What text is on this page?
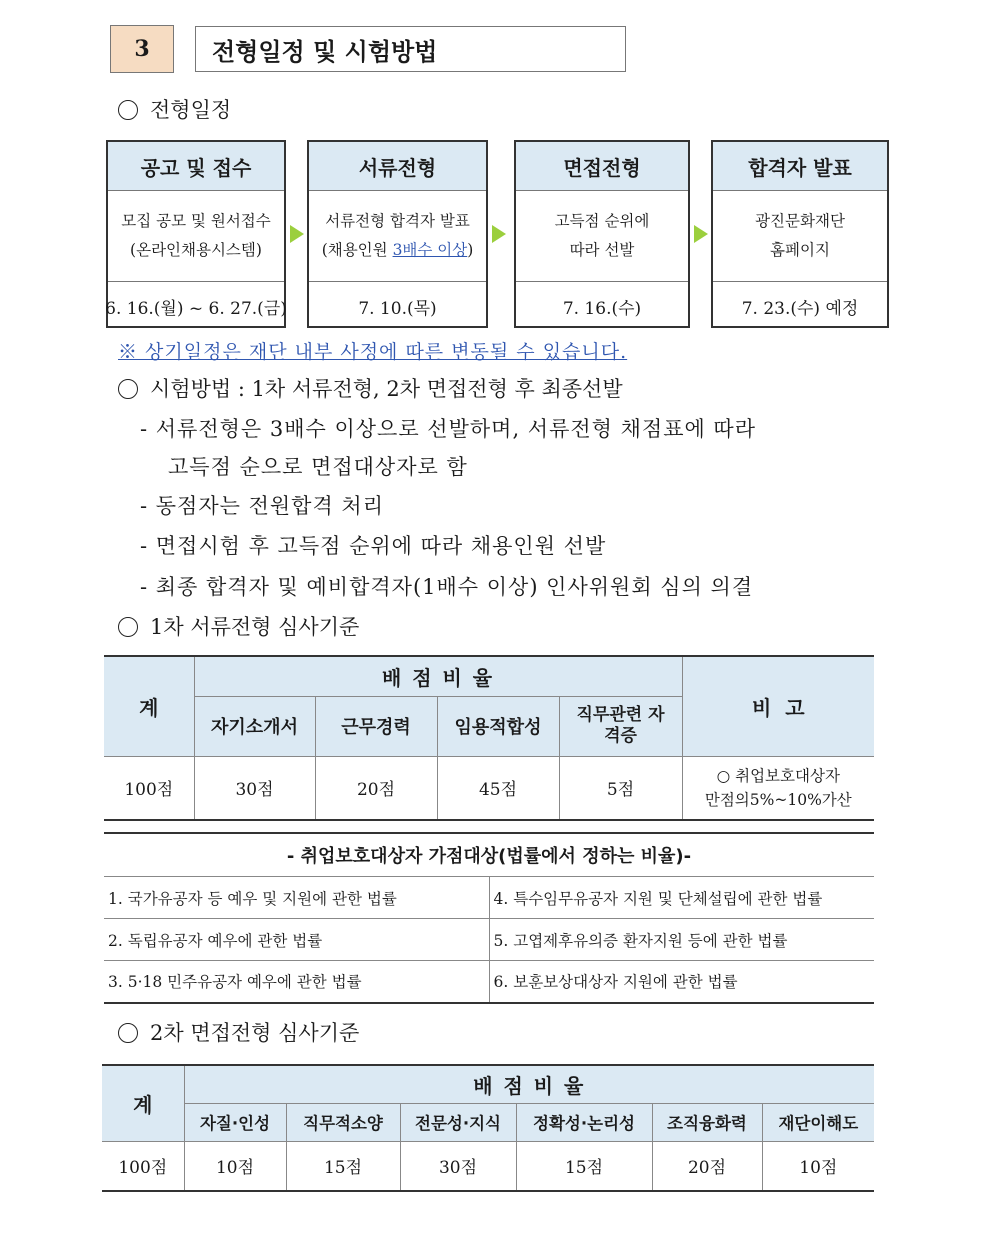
3	전형일정 및 시험방법
전형일정
공고 및 접수
모집 공모 및 원서접수
(온라인채용시스템)
6. 16.(월) ~ 6. 27.(금)
서류전형
서류전형 합격자 발표
(채용인원 3배수 이상)
7. 10.(목)
면접전형
고득점 순위에
따라 선발
7. 16.(수)
합격자 발표
광진문화재단
홈페이지
7. 23.(수) 예정
※ 상기일정은 재단 내부 사정에 따른 변동될 수 있습니다.
시험방법 : 1차 서류전형, 2차 면접전형 후 최종선발
- 서류전형은 3배수 이상으로 선발하며, 서류전형 채점표에 따라
고득점 순으로 면접대상자로 함
- 동점자는 전원합격 처리
- 면접시험 후 고득점 순위에 따라 채용인원 선발
- 최종 합격자 및 예비합격자(1배수 이상) 인사위원회 심의 의결
1차 서류전형 심사기준
계	배 점 비 율				비  고
	자기소개서	근무경력	임용적합성	직무관련 자격증	
100점	30점	20점	45점	5점	○ 취업보호대상자
만점의5%~10%가산
- 취업보호대상자 가점대상(법률에서 정하는 비율)-	
1. 국가유공자 등 예우 및 지원에 관한 법률	4. 특수임무유공자 지원 및 단체설립에 관한 법률
2. 독립유공자 예우에 관한 법률	5. 고엽제후유의증 환자지원 등에 관한 법률
3. 5·18 민주유공자 예우에 관한 법률	6. 보훈보상대상자 지원에 관한 법률
2차 면접전형 심사기준
계	배 점 비 율					
	자질·인성	직무적소양	전문성·지식	정확성·논리성	조직융화력	재단이해도
100점	10점	15점	30점	15점	20점	10점
